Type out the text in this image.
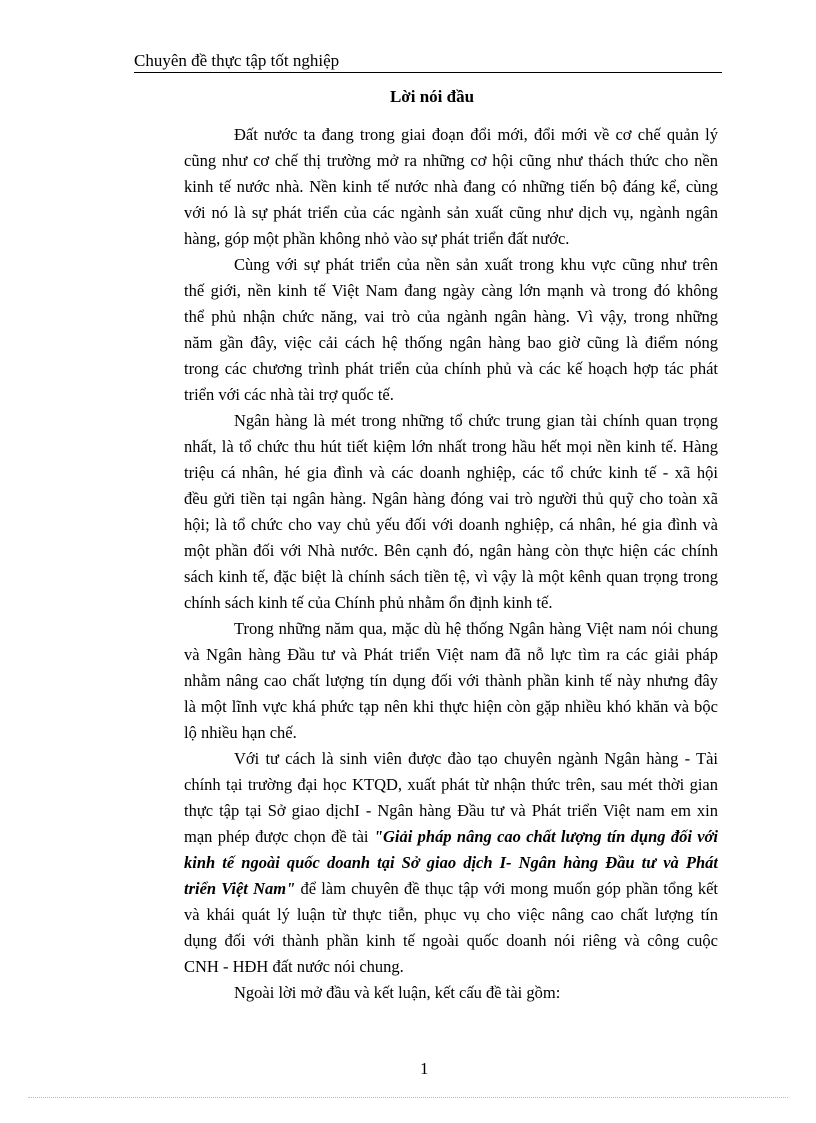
Chuyên đề thực tập tốt nghiệp
Lời nói đầu

Đất nước ta đang trong giai đoạn đổi mới, đổi mới về cơ chế quản lý
cũng như cơ chế thị trường mở ra những cơ hội cũng như thách thức cho nền
kinh tế nước nhà. Nền kinh tế nước nhà đang có những tiến bộ đáng kể, cùng
với nó là sự phát triển của các ngành sản xuất cũng như dịch vụ, ngành ngân
hàng, góp một phần không nhỏ vào sự phát triển đất nước.

Cùng với sự phát triển của nền sản xuất trong khu vực cũng như trên
thế giới, nền kinh tế Việt Nam đang ngày càng lớn mạnh và trong đó không
thể phủ nhận chức năng, vai trò của ngành ngân hàng. Vì vậy, trong những
năm gần đây, việc cải cách hệ thống ngân hàng bao giờ cũng là điểm nóng
trong các chương trình phát triển của chính phủ và các kế hoạch hợp tác phát
triển với các nhà tài trợ quốc tế.

Ngân hàng là mét trong những tổ chức trung gian tài chính quan trọng
nhất, là tổ chức thu hút tiết kiệm lớn nhất trong hầu hết mọi nền kinh tế. Hàng
triệu cá nhân, hé gia đình và các doanh nghiệp, các tổ chức kinh tế - xã hội
đều gửi tiền tại ngân hàng. Ngân hàng đóng vai trò người thủ quỹ cho toàn xã
hội; là tổ chức cho vay chủ yếu đối với doanh nghiệp, cá nhân, hé gia đình và
một phần đối với Nhà nước. Bên cạnh đó, ngân hàng còn thực hiện các chính
sách kinh tế, đặc biệt là chính sách tiền tệ, vì vậy là một kênh quan trọng trong
chính sách kinh tế của Chính phủ nhằm ổn định kinh tế.

Trong những năm qua, mặc dù hệ thống Ngân hàng Việt nam nói chung
và Ngân hàng Đầu tư và Phát triển Việt nam đã nỗ lực tìm ra các giải pháp
nhằm nâng cao chất lượng tín dụng đối với thành phần kinh tế này nhưng đây
là một lĩnh vực khá phức tạp nên khi thực hiện còn gặp nhiều khó khăn và bộc
lộ nhiều hạn chế.

Với tư cách là sinh viên được đào tạo chuyên ngành Ngân hàng - Tài
chính tại trường đại học KTQD, xuất phát từ nhận thức trên, sau mét thời gian
thực tập tại Sở giao dịchI - Ngân hàng Đầu tư và Phát triển Việt nam em xin
mạn phép được chọn đề tài "Giải pháp nâng cao chất lượng tín dụng đối với
kinh tế ngoài quốc doanh tại Sở giao dịch I- Ngân hàng Đầu tư và Phát
triển Việt Nam" để làm chuyên đề thục tập với mong muốn góp phần tổng kết
và khái quát lý luận từ thực tiễn, phục vụ cho việc nâng cao chất lượng tín
dụng đối với thành phần kinh tế ngoài quốc doanh nói riêng và công cuộc
CNH - HĐH đất nước nói chung.

Ngoài lời mở đầu và kết luận, kết cấu đề tài gồm:

1
